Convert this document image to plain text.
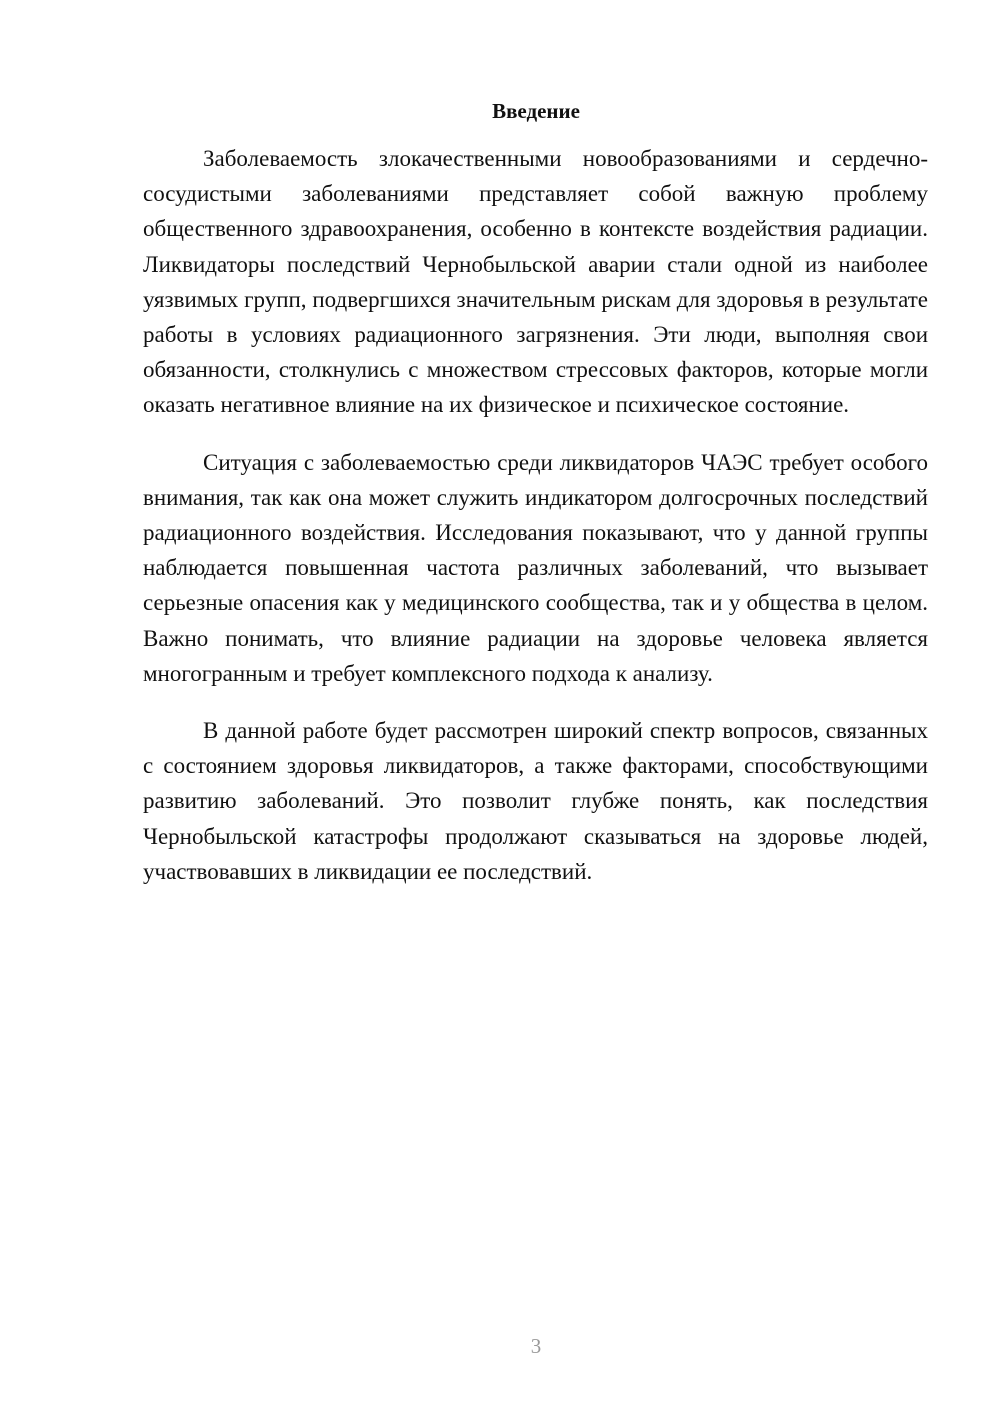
Введение

Заболеваемость злокачественными новообразованиями и сердечно-сосудистыми заболеваниями представляет собой важную проблему общественного здравоохранения, особенно в контексте воздействия радиации. Ликвидаторы последствий Чернобыльской аварии стали одной из наиболее уязвимых групп, подвергшихся значительным рискам для здоровья в результате работы в условиях радиационного загрязнения. Эти люди, выполняя свои обязанности, столкнулись с множеством стрессовых факторов, которые могли оказать негативное влияние на их физическое и психическое состояние.

Ситуация с заболеваемостью среди ликвидаторов ЧАЭС требует особого внимания, так как она может служить индикатором долгосрочных последствий радиационного воздействия. Исследования показывают, что у данной группы наблюдается повышенная частота различных заболеваний, что вызывает серьезные опасения как у медицинского сообщества, так и у общества в целом. Важно понимать, что влияние радиации на здоровье человека является многогранным и требует комплексного подхода к анализу.

В данной работе будет рассмотрен широкий спектр вопросов, связанных с состоянием здоровья ликвидаторов, а также факторами, способствующими развитию заболеваний. Это позволит глубже понять, как последствия Чернобыльской катастрофы продолжают сказываться на здоровье людей, участвовавших в ликвидации ее последствий.

3
